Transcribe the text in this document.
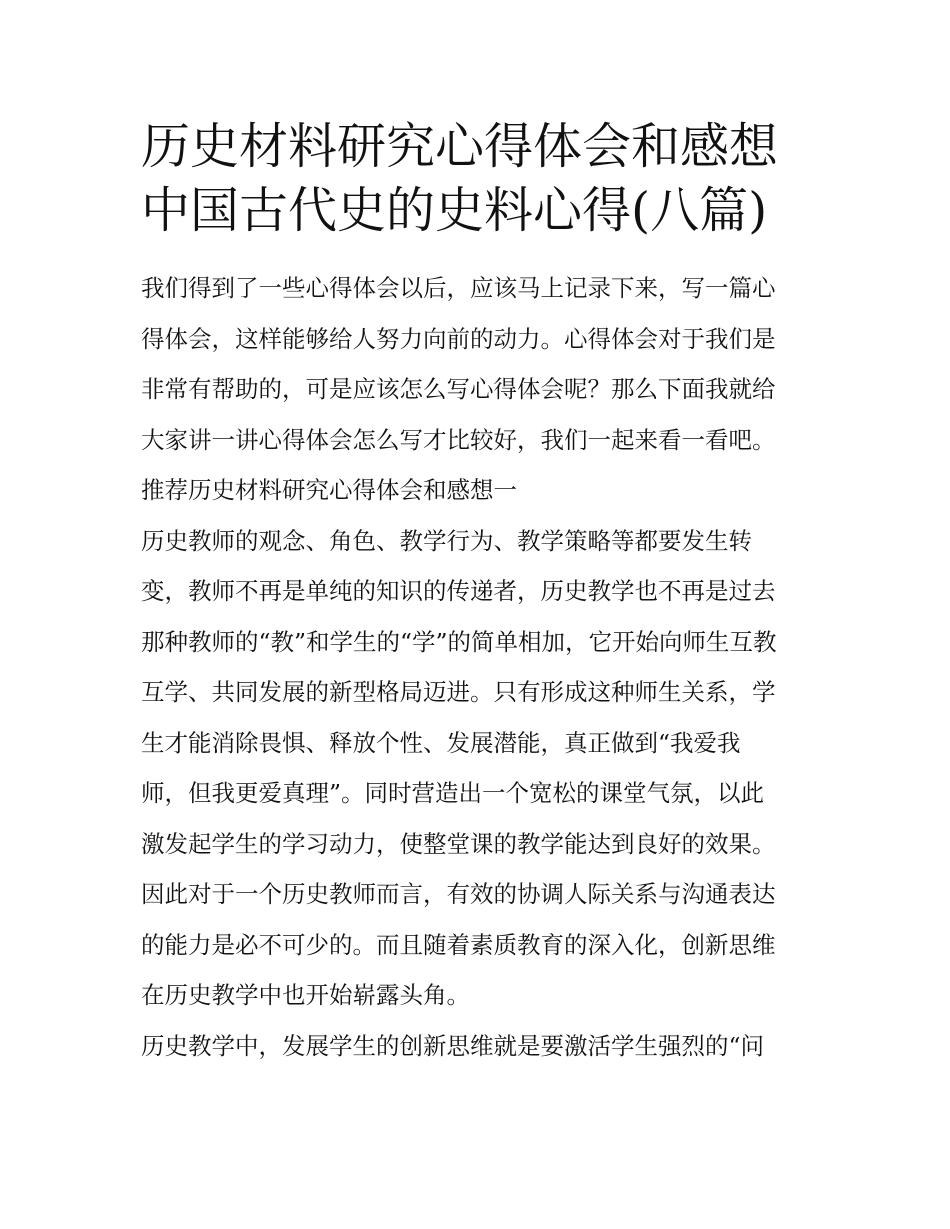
历史材料研究心得体会和感想
中国古代史的史料心得(八篇)

我们得到了一些心得体会以后，应该马上记录下来，写一篇心
得体会，这样能够给人努力向前的动力。心得体会对于我们是
非常有帮助的，可是应该怎么写心得体会呢？那么下面我就给
大家讲一讲心得体会怎么写才比较好，我们一起来看一看吧。

推荐历史材料研究心得体会和感想一

历史教师的观念、角色、教学行为、教学策略等都要发生转
变，教师不再是单纯的知识的传递者，历史教学也不再是过去
那种教师的“教”和学生的“学”的简单相加，它开始向师生互教
互学、共同发展的新型格局迈进。只有形成这种师生关系，学
生才能消除畏惧、释放个性、发展潜能，真正做到“我爱我
师，但我更爱真理”。同时营造出一个宽松的课堂气氛，以此
激发起学生的学习动力，使整堂课的教学能达到良好的效果。
因此对于一个历史教师而言，有效的协调人际关系与沟通表达
的能力是必不可少的。而且随着素质教育的深入化，创新思维
在历史教学中也开始崭露头角。

历史教学中，发展学生的创新思维就是要激活学生强烈的“问
